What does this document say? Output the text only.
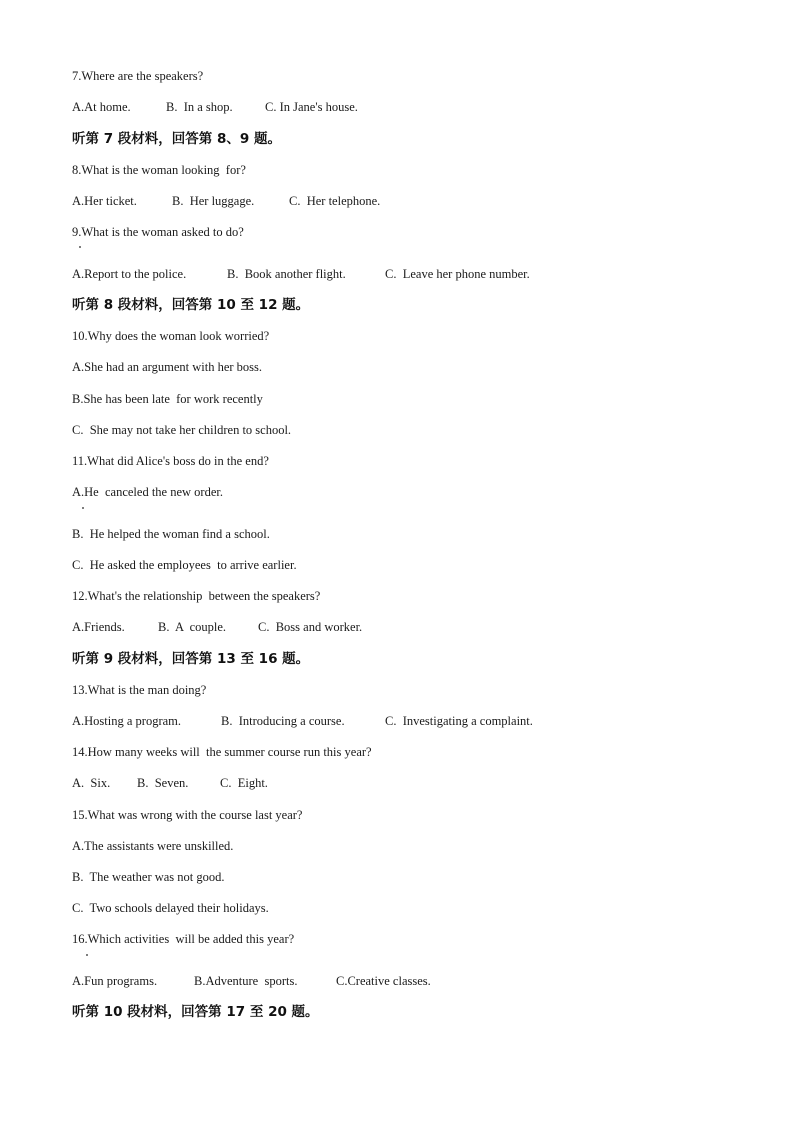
7.Where are the speakers?
A.At home.	B.  In a shop.	C. In Jane's house.
听第 7 段材料，回答第 8、9 题。
8.What is the woman looking  for?
A.Her ticket.	B.  Her luggage.	C.  Her telephone.
9.What is the woman asked to do?
A.Report to the police.	B.  Book another flight.	C.  Leave her phone number.
听第 8 段材料，回答第 10 至 12 题。
10.Why does the woman look worried?
A.She had an argument with her boss.
B.She has been late  for work recently
C.  She may not take her children to school.
11.What did Alice's boss do in the end?
A.He  canceled the new order.
B.  He helped the woman find a school.
C.  He asked the employees  to arrive earlier.
12.What's the relationship  between the speakers?
A.Friends.	B.  A  couple.	C.  Boss and worker.
听第 9 段材料，回答第 13 至 16 题。
13.What is the man doing?
A.Hosting a program.	B.  Introducing a course.	C.  Investigating a complaint.
14.How many weeks will  the summer course run this year?
A.  Six. B.  Seven.	C.  Eight.
15.What was wrong with the course last year?
A.The assistants were unskilled.
B.  The weather was not good.
C.  Two schools delayed their holidays.
16.Which activities  will be added this year?
A.Fun programs.	B.Adventure  sports.	C.Creative classes.
听第 10 段材料，回答第 17 至 20 题。
